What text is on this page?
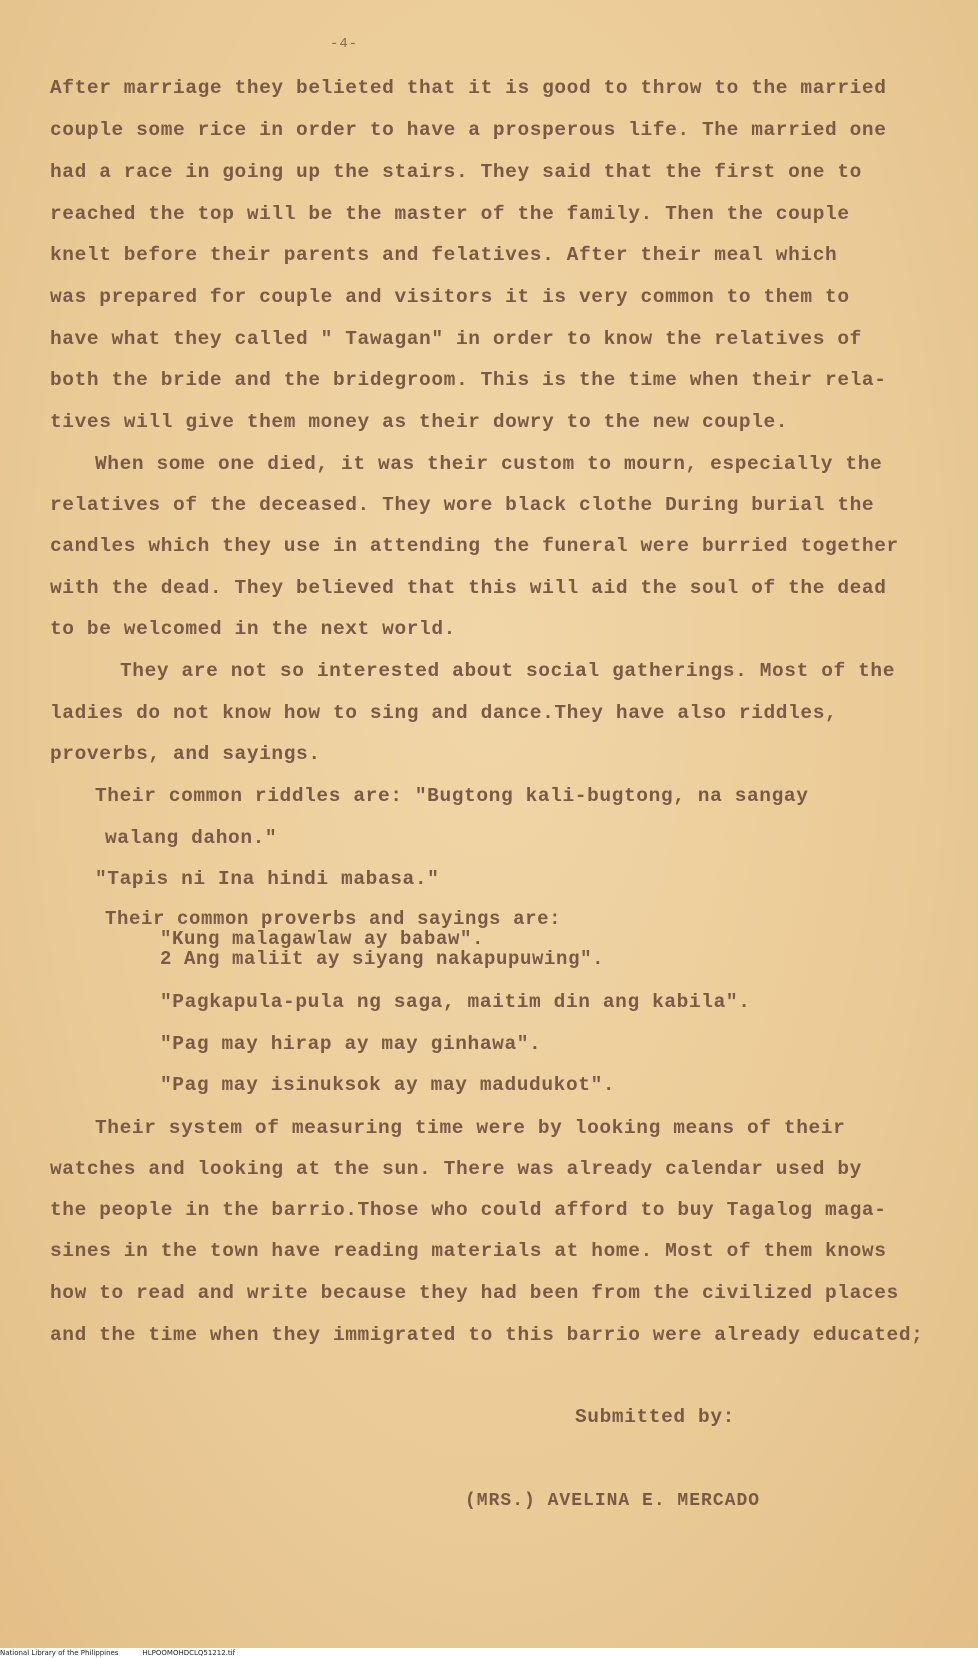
-4-
After marriage they belieted that it is good to throw to the married
couple some rice in order to have a prosperous life. The married one
had a race in going up the stairs. They said that the first one to
reached the top will be the master of the family. Then the couple
knelt before their parents and felatives. After their meal which
was prepared for couple and visitors it is very common to them to
have what they called " Tawagan" in order to know the relatives of
both the bride and the bridegroom. This is the time when their rela-
tives will give them money as their dowry to the new couple.
When some one died, it was their custom to mourn, especially the
relatives of the deceased. They wore black clothe During burial the
candles which they use in attending the funeral were burried together
with the dead. They believed that this will aid the soul of the dead
to be welcomed in the next world.
They are not so interested about social gatherings. Most of the
ladies do not know how to sing and dance.They have also riddles,
proverbs, and sayings.
Their common riddles are: "Bugtong kali-bugtong, na sangay
walang dahon."
"Tapis ni Ina hindi mabasa."
Their common proverbs and sayings are:
"Kung malagawlaw ay babaw".
2 Ang maliit ay siyang nakapupuwing".
"Pagkapula-pula ng saga, maitim din ang kabila".
"Pag may hirap ay may ginhawa".
"Pag may isinuksok ay may madudukot".
Their system of measuring time were by looking means of their
watches and looking at the sun. There was already calendar used by
the people in the barrio.Those who could afford to buy Tagalog maga-
sines in the town have reading materials at home. Most of them knows
how to read and write because they had been from the civilized places
and the time when they immigrated to this barrio were already educated;
Submitted by:
(MRS.) AVELINA E. MERCADO
National Library of the Philippines	HLPOOMOHDCLQ51212.tif
